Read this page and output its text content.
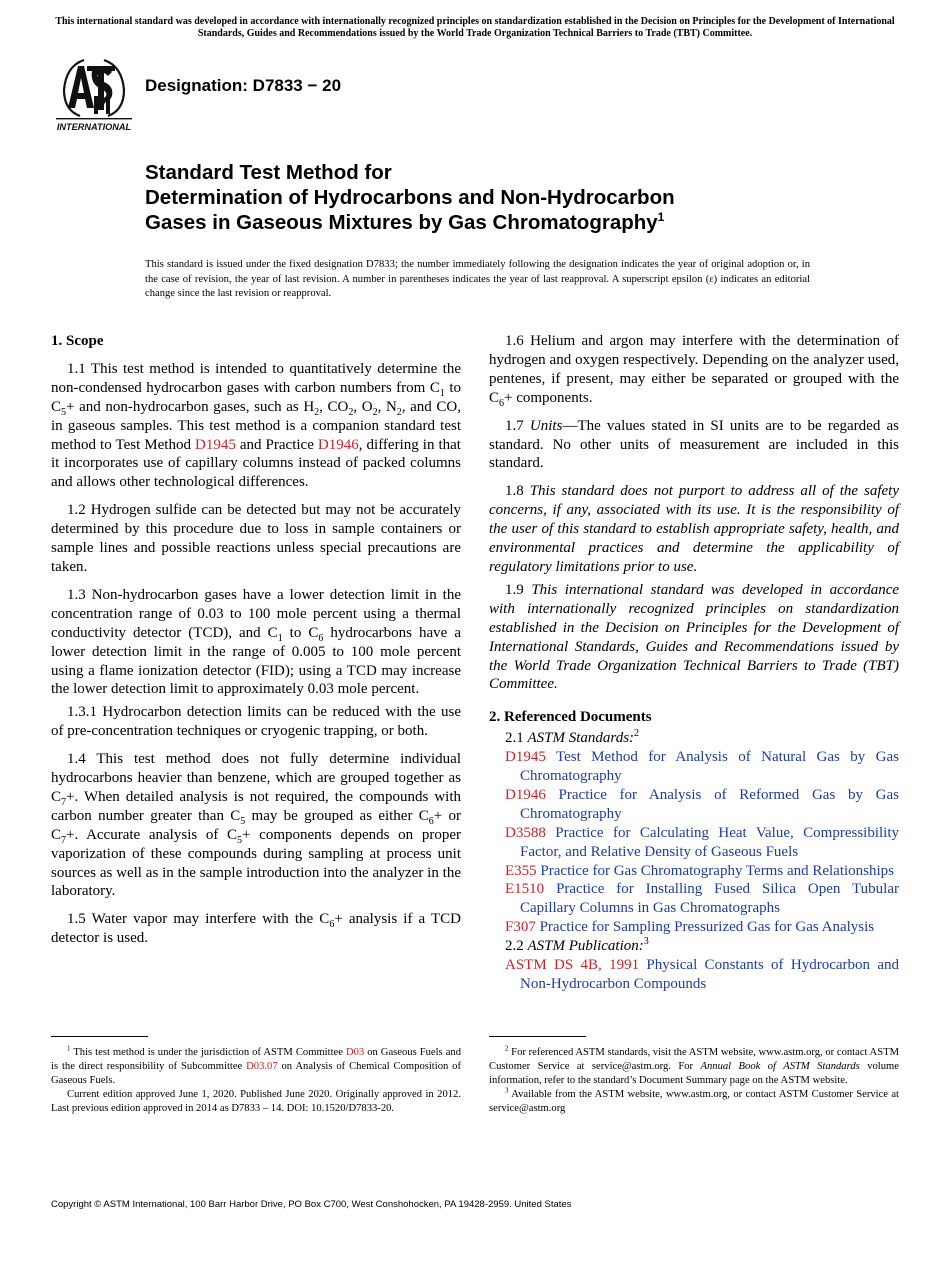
This international standard was developed in accordance with internationally recognized principles on standardization established in the Decision on Principles for the Development of International Standards, Guides and Recommendations issued by the World Trade Organization Technical Barriers to Trade (TBT) Committee.
INTERNATIONAL
Designation: D7833 − 20
Standard Test Method for
Determination of Hydrocarbons and Non-Hydrocarbon
Gases in Gaseous Mixtures by Gas Chromatography$^1$
This standard is issued under the fixed designation D7833; the number immediately following the designation indicates the year of original adoption or, in the case of revision, the year of last revision. A number in parentheses indicates the year of last reapproval. A superscript epsilon (ε) indicates an editorial change since the last revision or reapproval.

1. Scope

1.1 This test method is intended to quantitatively determine the non-condensed hydrocarbon gases with carbon numbers from $C_1$ to $C_5+$ and non-hydrocarbon gases, such as $H_2$, $CO_2$, $O_2$, $N_2$, and CO, in gaseous samples. This test method is a companion standard test method to Test Method D1945 and Practice D1946, differing in that it incorporates use of capillary columns instead of packed columns and allows other technological differences.

1.2 Hydrogen sulfide can be detected but may not be accurately determined by this procedure due to loss in sample containers or sample lines and possible reactions unless special precautions are taken.

1.3 Non-hydrocarbon gases have a lower detection limit in the concentration range of 0.03 to 100 mole percent using a thermal conductivity detector (TCD), and $C_1$ to $C_6$ hydrocarbons have a lower detection limit in the range of 0.005 to 100 mole percent using a flame ionization detector (FID); using a TCD may increase the lower detection limit to approximately 0.03 mole percent.

1.3.1 Hydrocarbon detection limits can be reduced with the use of pre-concentration techniques or cryogenic trapping, or both.

1.4 This test method does not fully determine individual hydrocarbons heavier than benzene, which are grouped together as $C_7+$. When detailed analysis is not required, the compounds with carbon number greater than $C_5$ may be grouped as either $C_6+$ or $C_7+$. Accurate analysis of $C_5+$ components depends on proper vaporization of these compounds during sampling at process unit sources as well as in the sample introduction into the analyzer in the laboratory.

1.5 Water vapor may interfere with the $C_6+$ analysis if a TCD detector is used.

1.6 Helium and argon may interfere with the determination of hydrogen and oxygen respectively. Depending on the analyzer used, pentenes, if present, may either be separated or grouped with the $C_6+$ components.

1.7 Units—The values stated in SI units are to be regarded as standard. No other units of measurement are included in this standard.

1.8 This standard does not purport to address all of the safety concerns, if any, associated with its use. It is the responsibility of the user of this standard to establish appropriate safety, health, and environmental practices and determine the applicability of regulatory limitations prior to use.

1.9 This international standard was developed in accordance with internationally recognized principles on standardization established in the Decision on Principles for the Development of International Standards, Guides and Recommendations issued by the World Trade Organization Technical Barriers to Trade (TBT) Committee.

2. Referenced Documents

2.1 ASTM Standards:$^2$

D1945 Test Method for Analysis of Natural Gas by Gas Chromatography

D1946 Practice for Analysis of Reformed Gas by Gas Chromatography

D3588 Practice for Calculating Heat Value, Compressibility Factor, and Relative Density of Gaseous Fuels

E355 Practice for Gas Chromatography Terms and Relationships

E1510 Practice for Installing Fused Silica Open Tubular Capillary Columns in Gas Chromatographs

F307 Practice for Sampling Pressurized Gas for Gas Analysis

2.2 ASTM Publication:$^3$

ASTM DS 4B, 1991 Physical Constants of Hydrocarbon and Non-Hydrocarbon Compounds

$^1$ This test method is under the jurisdiction of ASTM Committee D03 on Gaseous Fuels and is the direct responsibility of Subcommittee D03.07 on Analysis of Chemical Composition of Gaseous Fuels.

Current edition approved June 1, 2020. Published June 2020. Originally approved in 2012. Last previous edition approved in 2014 as D7833 – 14. DOI: 10.1520/D7833-20.

$^2$ For referenced ASTM standards, visit the ASTM website, www.astm.org, or contact ASTM Customer Service at service@astm.org. For Annual Book of ASTM Standards volume information, refer to the standard’s Document Summary page on the ASTM website.

$^3$ Available from the ASTM website, www.astm.org, or contact ASTM Customer Service at service@astm.org

Copyright © ASTM International, 100 Barr Harbor Drive, PO Box C700, West Conshohocken, PA 19428-2959. United States
